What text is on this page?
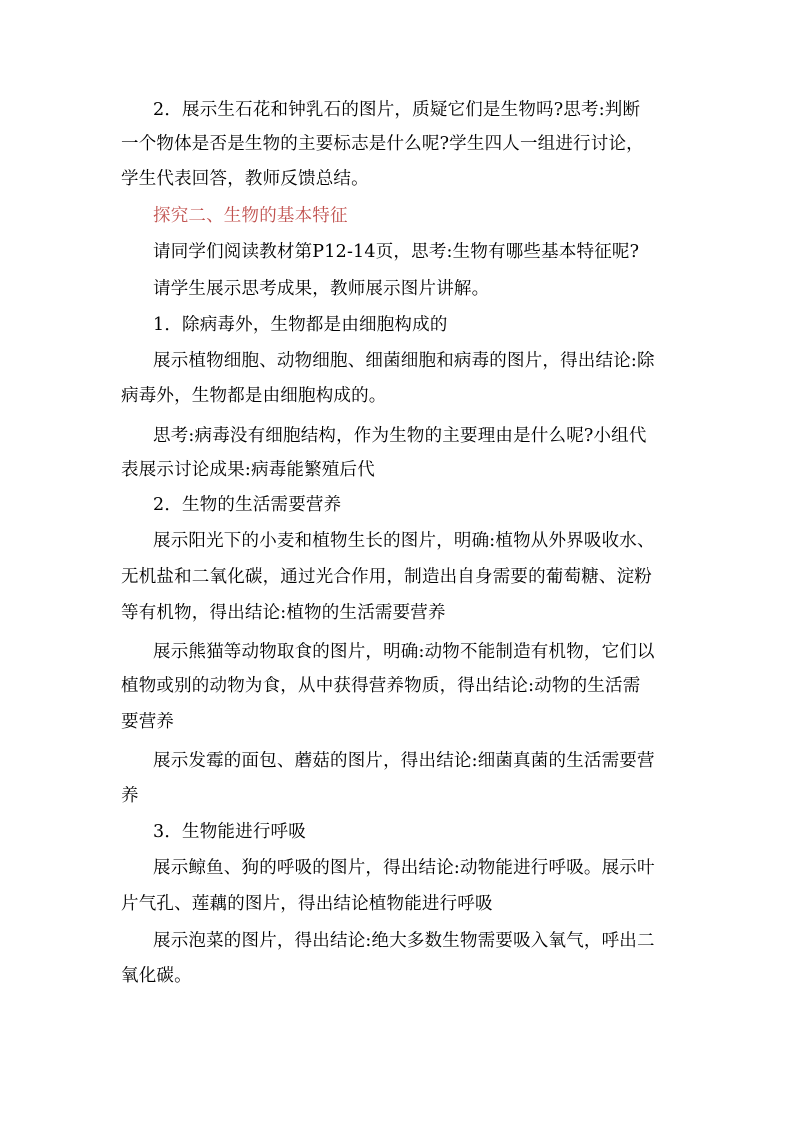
2．展示生石花和钟乳石的图片，质疑它们是生物吗?思考:判断
一个物体是否是生物的主要标志是什么呢?学生四人一组进行讨论，
学生代表回答，教师反馈总结。
探究二、生物的基本特征
请同学们阅读教材第P12-14页，思考:生物有哪些基本特征呢?
请学生展示思考成果，教师展示图片讲解。
1．除病毒外，生物都是由细胞构成的
展示植物细胞、动物细胞、细菌细胞和病毒的图片，得出结论:除
病毒外，生物都是由细胞构成的。
思考:病毒没有细胞结构，作为生物的主要理由是什么呢?小组代
表展示讨论成果:病毒能繁殖后代
2．生物的生活需要营养
展示阳光下的小麦和植物生长的图片，明确:植物从外界吸收水、
无机盐和二氧化碳，通过光合作用，制造出自身需要的葡萄糖、淀粉
等有机物，得出结论:植物的生活需要营养
展示熊猫等动物取食的图片，明确:动物不能制造有机物，它们以
植物或别的动物为食，从中获得营养物质，得出结论:动物的生活需
要营养
展示发霉的面包、蘑菇的图片，得出结论:细菌真菌的生活需要营
养
3．生物能进行呼吸
展示鲸鱼、狗的呼吸的图片，得出结论:动物能进行呼吸。展示叶
片气孔、莲藕的图片，得出结论植物能进行呼吸
展示泡菜的图片，得出结论:绝大多数生物需要吸入氧气，呼出二
氧化碳。
